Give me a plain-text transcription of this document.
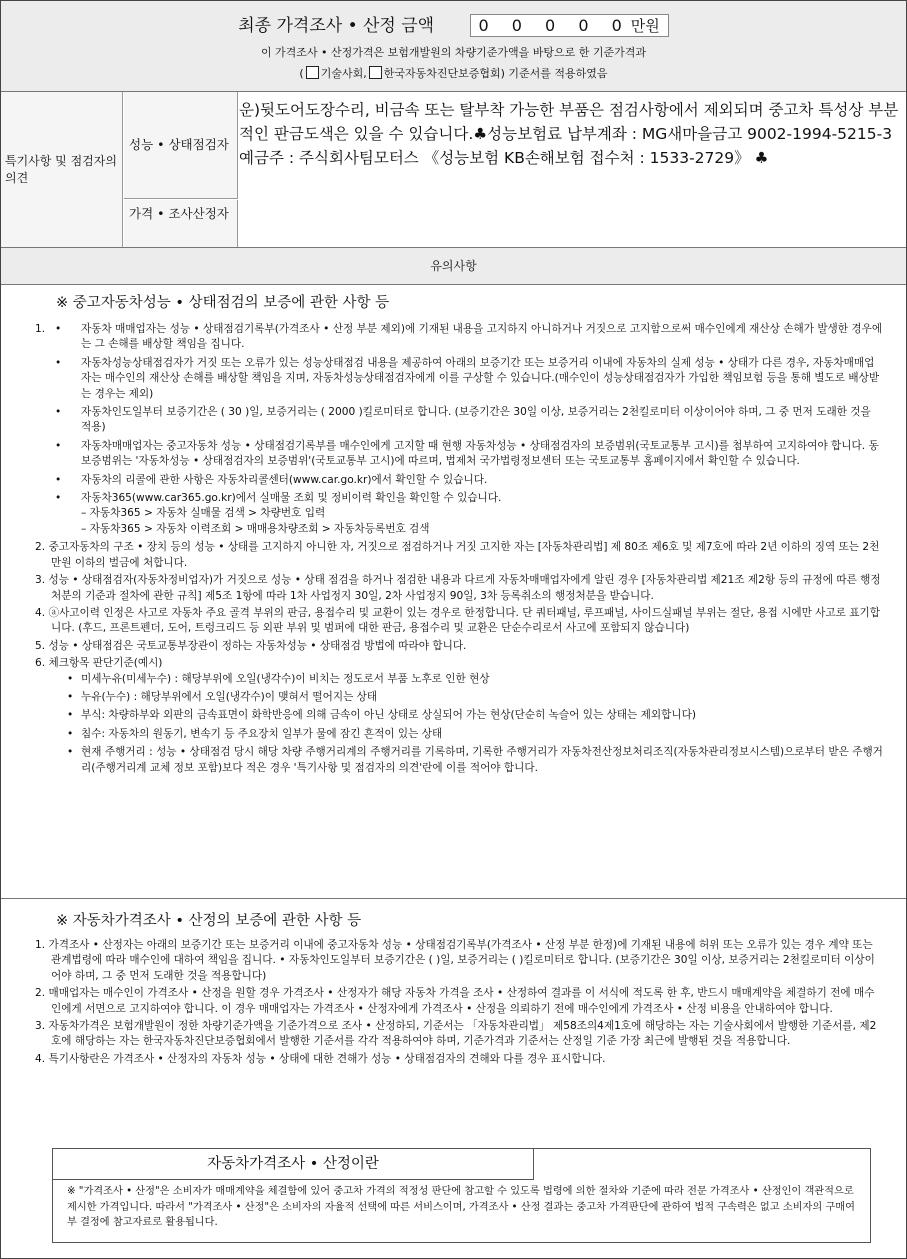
최종 가격조사 • 산정 금액	0 0 0 0 0만원
이 가격조사 • 산정가격은 보험개발원의 차량기준가액을 바탕으로 한 기준가격과
( 기술사회, 한국자동차진단보증협회) 기준서를 적용하였음
특기사항 및 점검자의 의견
성능 • 상태점검자
운)뒷도어도장수리, 비금속 또는 탈부착 가능한 부품은 점검사항에서 제외되며 중고차 특성상 부분적인 판금도색은 있을 수 있습니다.♣성능보험료 납부계좌 : MG새마을금고 9002-1994-5215-3 예금주 : 주식회사팀모터스 《성능보험 KB손해보험 접수처 : 1533-2729》 ♣
가격 • 조사산정자
유의사항
※ 중고자동차성능 • 상태점검의 보증에 관한 사항 등
1.
•	자동차 매매업자는 성능 • 상태점검기록부(가격조사 • 산정 부분 제외)에 기재된 내용을 고지하지 아니하거나 거짓으로 고지함으로써 매수인에게 재산상 손해가 발생한 경우에는 그 손해를 배상할 책임을 집니다.
• 자동차성능상태점검자가 거짓 또는 오류가 있는 성능상태점검 내용을 제공하여 아래의 보증기간 또는 보증거리 이내에 자동차의 실제 성능 • 상태가 다른 경우, 자동차매매업자는 매수인의 재산상 손해를 배상할 책임을 지며, 자동차성능상태점검자에게 이를 구상할 수 있습니다.(매수인이 성능상태점검자가 가입한 책임보험 등을 통해 별도로 배상받는 경우는 제외)
• 자동차인도일부터 보증기간은 ( 30 )일, 보증거리는 ( 2000 )킬로미터로 합니다. (보증기간은 30일 이상, 보증거리는 2천킬로미터 이상이어야 하며, 그 중 먼저 도래한 것을 적용)
• 자동차매매업자는 중고자동차 성능 • 상태점검기록부를 매수인에게 고지할 때 현행 자동차성능 • 상태점검자의 보증범위(국토교통부 고시)를 첨부하여 고지하여야 합니다. 동 보증범위는 '자동차성능 • 상태점검자의 보증범위'(국토교통부 고시)에 따르며, 법제처 국가법령정보센터 또는 국토교통부 홈페이지에서 확인할 수 있습니다.
• 자동차의 리콜에 관한 사항은 자동차리콜센터(www.car.go.kr)에서 확인할 수 있습니다.
• 자동차365(www.car365.go.kr)에서 실매물 조회 및 정비이력 확인을 확인할 수 있습니다.
– 자동차365 > 자동차 실매물 검색 > 차량번호 입력
– 자동차365 > 자동차 이력조회 > 매매용차량조회 > 자동차등록번호 검색
2. 중고자동차의 구조 • 장치 등의 성능 • 상태를 고지하지 아니한 자, 거짓으로 점검하거나 거짓 고지한 자는 [자동차관리법] 제 80조 제6호 및 제7호에 따라 2년 이하의 징역 또는 2천만원 이하의 벌금에 처합니다.
3. 성능 • 상태점검자(자동차정비업자)가 거짓으로 성능 • 상태 점검을 하거나 점검한 내용과 다르게 자동차매매업자에게 알린 경우 [자동차관리법 제21조 제2항 등의 규정에 따른 행정처분의 기준과 절차에 관한 규칙] 제5조 1항에 따라 1차 사업정지 30일, 2차 사업정지 90일, 3차 등록취소의 행정처분을 받습니다.
4. ⓐ사고이력 인정은 사고로 자동차 주요 골격 부위의 판금, 용접수리 및 교환이 있는 경우로 한정합니다. 단 쿼터패널, 루프패널, 사이드실패널 부위는 절단, 용접 시에만 사고로 표기합니다. (후드, 프론트펜더, 도어, 트렁크리드 등 외판 부위 및 범퍼에 대한 판금, 용접수리 및 교환은 단순수리로서 사고에 포함되지 않습니다)
5. 성능 • 상태점검은 국토교통부장관이 정하는 자동차성능 • 상태점검 방법에 따라야 합니다.
6. 체크항목 판단기준(예시)
• 미세누유(미세누수) : 해당부위에 오일(냉각수)이 비치는 정도로서 부품 노후로 인한 현상
• 누유(누수) : 해당부위에서 오일(냉각수)이 맺혀서 떨어지는 상태
• 부식: 차량하부와 외판의 금속표면이 화학반응에 의해 금속이 아닌 상태로 상실되어 가는 현상(단순히 녹슬어 있는 상태는 제외합니다)
• 침수: 자동차의 원동기, 변속기 등 주요장치 일부가 물에 잠긴 흔적이 있는 상태
• 현재 주행거리 : 성능 • 상태점검 당시 해당 차량 주행거리계의 주행거리를 기록하며, 기록한 주행거리가 자동차전산정보처리조직(자동차관리정보시스템)으로부터 받은 주행거리(주행거리계 교체 정보 포함)보다 적은 경우 '특기사항 및 점검자의 의견'란에 이를 적어야 합니다.
※ 자동차가격조사 • 산정의 보증에 관한 사항 등
1. 가격조사 • 산정자는 아래의 보증기간 또는 보증거리 이내에 중고자동차 성능 • 상태점검기록부(가격조사 • 산정 부분 한정)에 기재된 내용에 허위 또는 오류가 있는 경우 계약 또는 관계법령에 따라 매수인에 대하여 책임을 집니다. • 자동차인도일부터 보증기간은 ( )일, 보증거리는 ( )킬로미터로 합니다. (보증기간은 30일 이상, 보증거리는 2천킬로미터 이상이어야 하며, 그 중 먼저 도래한 것을 적용합니다)
2. 매매업자는 매수인이 가격조사 • 산정을 원할 경우 가격조사 • 산정자가 해당 자동차 가격을 조사 • 산정하여 결과를 이 서식에 적도록 한 후, 반드시 매매계약을 체결하기 전에 매수인에게 서면으로 고지하여야 합니다. 이 경우 매매업자는 가격조사 • 산정자에게 가격조사 • 산정을 의뢰하기 전에 매수인에게 가격조사 • 산정 비용을 안내하여야 합니다.
3. 자동차가격은 보험개발원이 정한 차량기준가액을 기준가격으로 조사 • 산정하되, 기준서는 「자동차관리법」 제58조의4제1호에 해당하는 자는 기술사회에서 발행한 기준서를, 제2호에 해당하는 자는 한국자동차진단보증협회에서 발행한 기준서를 각각 적용하여야 하며, 기준가격과 기준서는 산정일 기준 가장 최근에 발행된 것을 적용합니다.
4. 특기사항란은 가격조사 • 산정자의 자동차 성능 • 상태에 대한 견해가 성능 • 상태점검자의 견해와 다를 경우 표시합니다.
자동차가격조사 • 산정이란
※ "가격조사 • 산정"은 소비자가 매매계약을 체결함에 있어 중고차 가격의 적정성 판단에 참고할 수 있도록 법령에 의한 절차와 기준에 따라 전문 가격조사 • 산정인이 객관적으로 제시한 가격입니다. 따라서 "가격조사 • 산정"은 소비자의 자율적 선택에 따른 서비스이며, 가격조사 • 산정 결과는 중고차 가격판단에 관하여 법적 구속력은 없고 소비자의 구매여부 결정에 참고자료로 활용됩니다.
